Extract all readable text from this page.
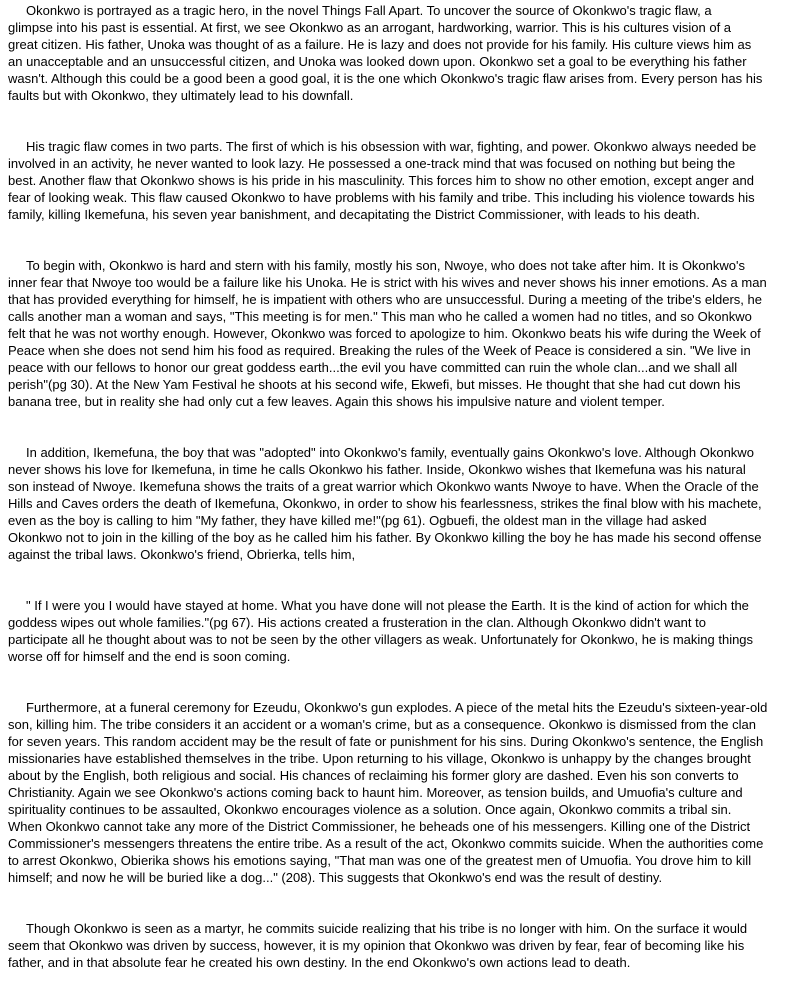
Okonkwo is portrayed as a tragic hero, in the novel Things Fall Apart. To uncover the source of Okonkwo's tragic flaw, a
glimpse into his past is essential. At first, we see Okonkwo as an arrogant, hardworking, warrior. This is his cultures vision of a
great citizen. His father, Unoka was thought of as a failure. He is lazy and does not provide for his family. His culture views him as
an unacceptable and an unsuccessful citizen, and Unoka was looked down upon. Okonkwo set a goal to be everything his father
wasn't. Although this could be a good been a good goal, it is the one which Okonkwo's tragic flaw arises from. Every person has his
faults but with Okonkwo, they ultimately lead to his downfall.
His tragic flaw comes in two parts. The first of which is his obsession with war, fighting, and power. Okonkwo always needed be
involved in an activity, he never wanted to look lazy. He possessed a one-track mind that was focused on nothing but being the
best. Another flaw that Okonkwo shows is his pride in his masculinity. This forces him to show no other emotion, except anger and
fear of looking weak. This flaw caused Okonkwo to have problems with his family and tribe. This including his violence towards his
family, killing Ikemefuna, his seven year banishment, and decapitating the District Commissioner, with leads to his death.
To begin with, Okonkwo is hard and stern with his family, mostly his son, Nwoye, who does not take after him. It is Okonkwo's
inner fear that Nwoye too would be a failure like his Unoka. He is strict with his wives and never shows his inner emotions. As a man
that has provided everything for himself, he is impatient with others who are unsuccessful. During a meeting of the tribe's elders, he
calls another man a woman and says, "This meeting is for men." This man who he called a women had no titles, and so Okonkwo
felt that he was not worthy enough. However, Okonkwo was forced to apologize to him. Okonkwo beats his wife during the Week of
Peace when she does not send him his food as required. Breaking the rules of the Week of Peace is considered a sin. "We live in
peace with our fellows to honor our great goddess earth...the evil you have committed can ruin the whole clan...and we shall all
perish"(pg 30). At the New Yam Festival he shoots at his second wife, Ekwefi, but misses. He thought that she had cut down his
banana tree, but in reality she had only cut a few leaves. Again this shows his impulsive nature and violent temper.
In addition, Ikemefuna, the boy that was "adopted" into Okonkwo's family, eventually gains Okonkwo's love. Although Okonkwo
never shows his love for Ikemefuna, in time he calls Okonkwo his father. Inside, Okonkwo wishes that Ikemefuna was his natural
son instead of Nwoye. Ikemefuna shows the traits of a great warrior which Okonkwo wants Nwoye to have. When the Oracle of the
Hills and Caves orders the death of Ikemefuna, Okonkwo, in order to show his fearlessness, strikes the final blow with his machete,
even as the boy is calling to him "My father, they have killed me!"(pg 61). Ogbuefi, the oldest man in the village had asked
Okonkwo not to join in the killing of the boy as he called him his father. By Okonkwo killing the boy he has made his second offense
against the tribal laws. Okonkwo's friend, Obrierka, tells him,
" If I were you I would have stayed at home. What you have done will not please the Earth. It is the kind of action for which the
goddess wipes out whole families."(pg 67). His actions created a frusteration in the clan. Although Okonkwo didn't want to
participate all he thought about was to not be seen by the other villagers as weak. Unfortunately for Okonkwo, he is making things
worse off for himself and the end is soon coming.
Furthermore, at a funeral ceremony for Ezeudu, Okonkwo's gun explodes. A piece of the metal hits the Ezeudu's sixteen-year-old
son, killing him. The tribe considers it an accident or a woman's crime, but as a consequence. Okonkwo is dismissed from the clan
for seven years. This random accident may be the result of fate or punishment for his sins. During Okonkwo's sentence, the English
missionaries have established themselves in the tribe. Upon returning to his village, Okonkwo is unhappy by the changes brought
about by the English, both religious and social. His chances of reclaiming his former glory are dashed. Even his son converts to
Christianity. Again we see Okonkwo's actions coming back to haunt him. Moreover, as tension builds, and Umuofia's culture and
spirituality continues to be assaulted, Okonkwo encourages violence as a solution. Once again, Okonkwo commits a tribal sin.
When Okonkwo cannot take any more of the District Commissioner, he beheads one of his messengers. Killing one of the District
Commissioner's messengers threatens the entire tribe. As a result of the act, Okonkwo commits suicide. When the authorities come
to arrest Okonkwo, Obierika shows his emotions saying, "That man was one of the greatest men of Umuofia. You drove him to kill
himself; and now he will be buried like a dog..." (208). This suggests that Okonkwo's end was the result of destiny.
Though Okonkwo is seen as a martyr, he commits suicide realizing that his tribe is no longer with him. On the surface it would
seem that Okonkwo was driven by success, however, it is my opinion that Okonkwo was driven by fear, fear of becoming like his
father, and in that absolute fear he created his own destiny. In the end Okonkwo's own actions lead to death.
